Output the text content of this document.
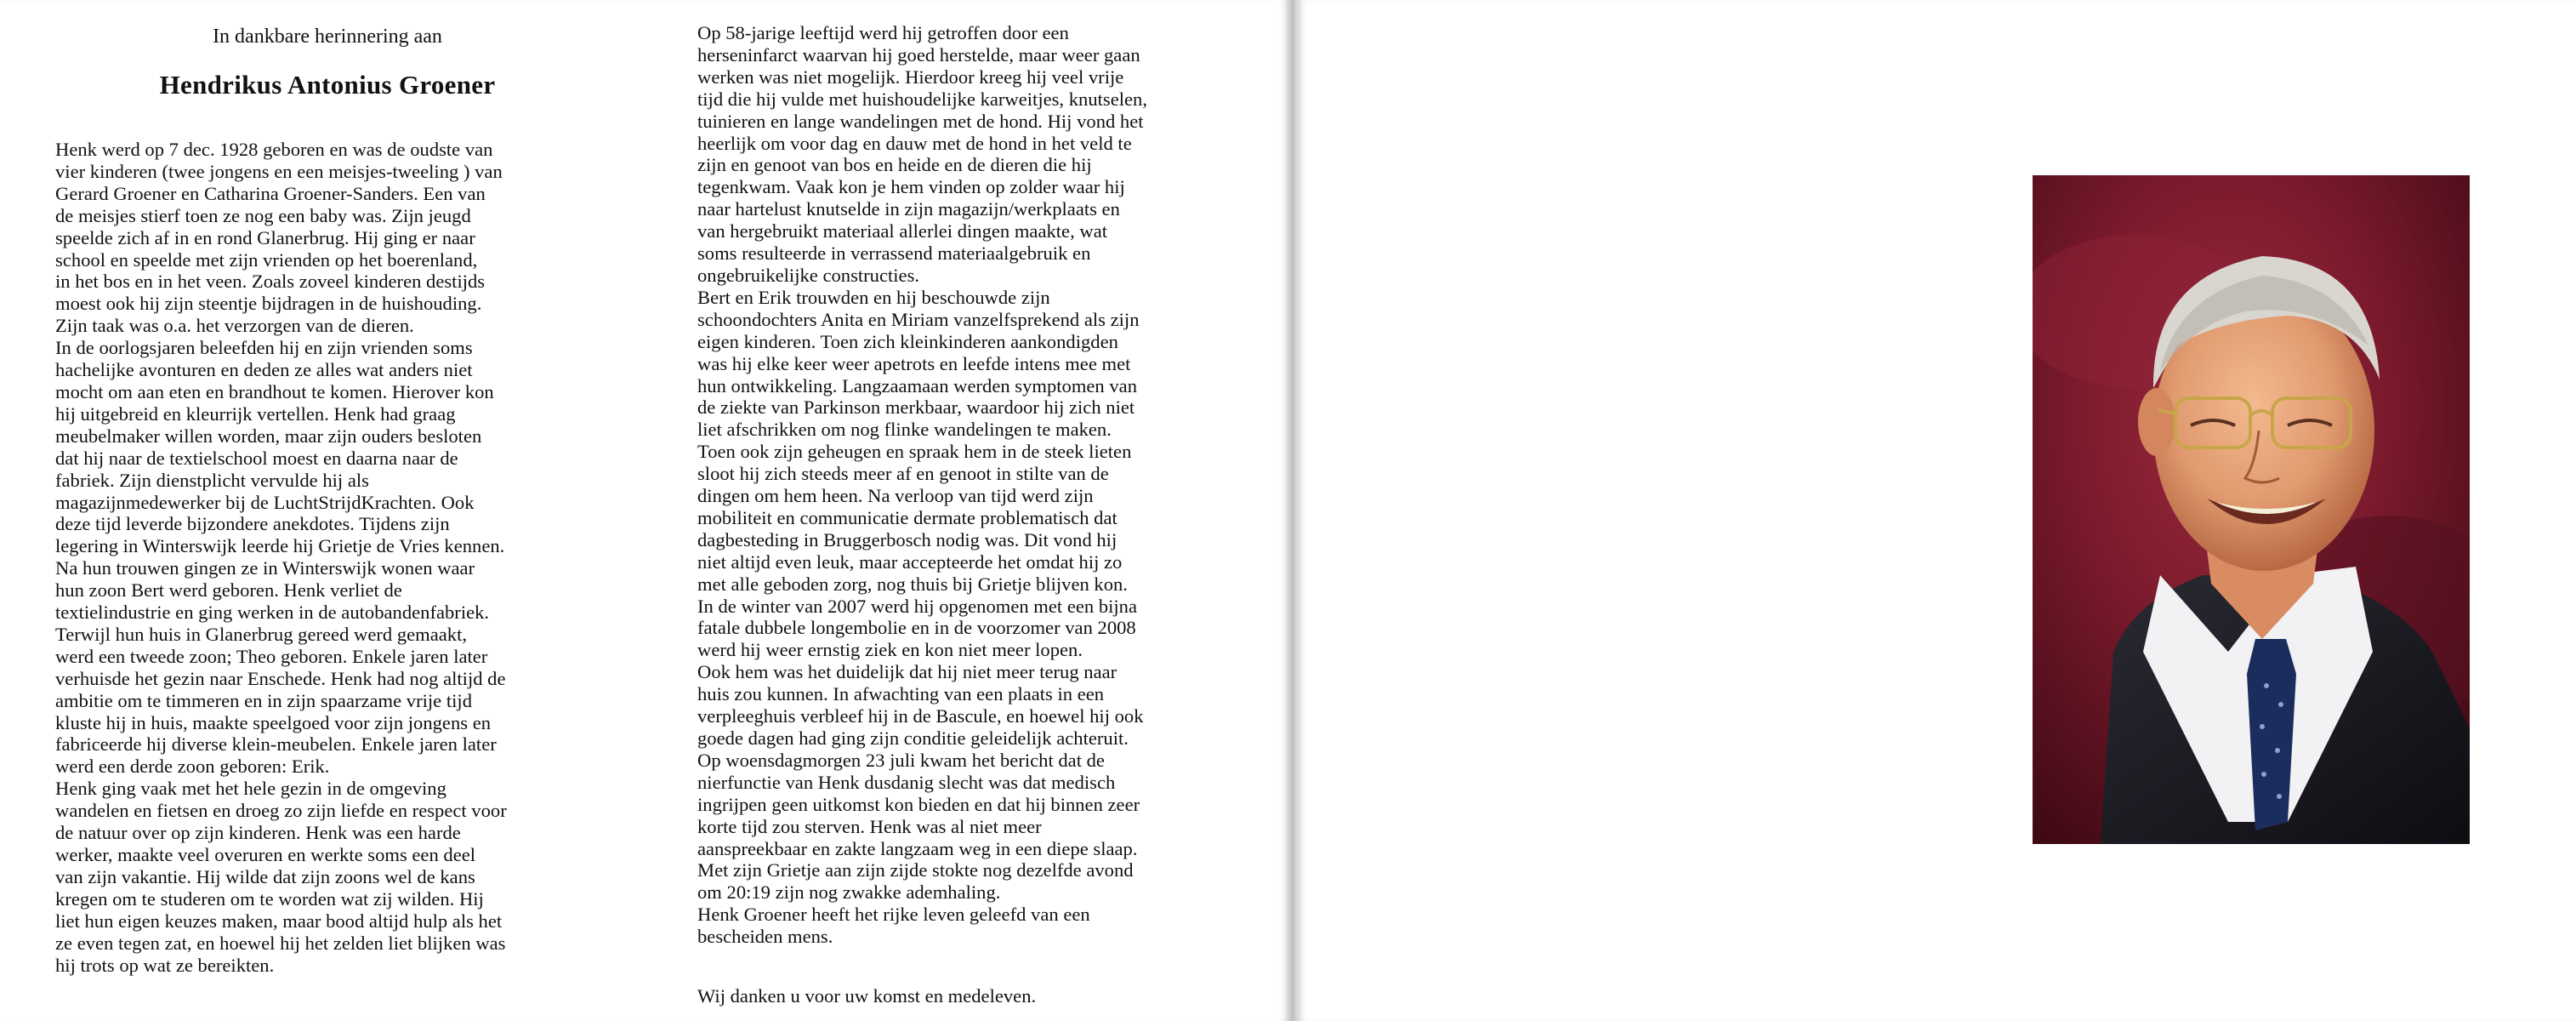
In dankbare herinnering aan
Hendrikus Antonius Groener
Henk werd op 7 dec. 1928 geboren en was de oudste van
vier kinderen (twee jongens en een meisjes-tweeling ) van
Gerard Groener en Catharina Groener-Sanders. Een van
de meisjes stierf toen ze nog een baby was. Zijn jeugd
speelde zich af in en rond Glanerbrug. Hij ging er naar
school en speelde met zijn vrienden op het boerenland,
in het bos en in het veen. Zoals zoveel kinderen destijds
moest ook hij zijn steentje bijdragen in de huishouding.
Zijn taak was o.a. het verzorgen van de dieren.
In de oorlogsjaren beleefden hij en zijn vrienden soms
hachelijke avonturen en deden ze alles wat anders niet
mocht om aan eten en brandhout te komen. Hierover kon
hij uitgebreid en kleurrijk vertellen. Henk had graag
meubelmaker willen worden, maar zijn ouders besloten
dat hij naar de textielschool moest en daarna naar de
fabriek. Zijn dienstplicht vervulde hij als
magazijnmedewerker bij de LuchtStrijdKrachten. Ook
deze tijd leverde bijzondere anekdotes. Tijdens zijn
legering in Winterswijk leerde hij Grietje de Vries kennen.
Na hun trouwen gingen ze in Winterswijk wonen waar
hun zoon Bert werd geboren. Henk verliet de
textielindustrie en ging werken in de autobandenfabriek.
Terwijl hun huis in Glanerbrug gereed werd gemaakt,
werd een tweede zoon; Theo geboren. Enkele jaren later
verhuisde het gezin naar Enschede. Henk had nog altijd de
ambitie om te timmeren en in zijn spaarzame vrije tijd
kluste hij in huis, maakte speelgoed voor zijn jongens en
fabriceerde hij diverse klein-meubelen. Enkele jaren later
werd een derde zoon geboren: Erik.
Henk ging vaak met het hele gezin in de omgeving
wandelen en fietsen en droeg zo zijn liefde en respect voor
de natuur over op zijn kinderen. Henk was een harde
werker, maakte veel overuren en werkte soms een deel
van zijn vakantie. Hij wilde dat zijn zoons wel de kans
kregen om te studeren om te worden wat zij wilden. Hij
liet hun eigen keuzes maken, maar bood altijd hulp als het
ze even tegen zat, en hoewel hij het zelden liet blijken was
hij trots op wat ze bereikten.
Op 58-jarige leeftijd werd hij getroffen door een
herseninfarct waarvan hij goed herstelde, maar weer gaan
werken was niet mogelijk. Hierdoor kreeg hij veel vrije
tijd die hij vulde met huishoudelijke karweitjes, knutselen,
tuinieren en lange wandelingen met de hond. Hij vond het
heerlijk om voor dag en dauw met de hond in het veld te
zijn en genoot van bos en heide en de dieren die hij
tegenkwam. Vaak kon je hem vinden op zolder waar hij
naar hartelust knutselde in zijn magazijn/werkplaats en
van hergebruikt materiaal allerlei dingen maakte, wat
soms resulteerde in verrassend materiaalgebruik en
ongebruikelijke constructies.
Bert en Erik trouwden en hij beschouwde zijn
schoondochters Anita en Miriam vanzelfsprekend als zijn
eigen kinderen. Toen zich kleinkinderen aankondigden
was hij elke keer weer apetrots en leefde intens mee met
hun ontwikkeling. Langzaamaan werden symptomen van
de ziekte van Parkinson merkbaar, waardoor hij zich niet
liet afschrikken om nog flinke wandelingen te maken.
Toen ook zijn geheugen en spraak hem in de steek lieten
sloot hij zich steeds meer af en genoot in stilte van de
dingen om hem heen. Na verloop van tijd werd zijn
mobiliteit en communicatie dermate problematisch dat
dagbesteding in Bruggerbosch nodig was. Dit vond hij
niet altijd even leuk, maar accepteerde het omdat hij zo
met alle geboden zorg, nog thuis bij Grietje blijven kon.
In de winter van 2007 werd hij opgenomen met een bijna
fatale dubbele longembolie en in de voorzomer van 2008
werd hij weer ernstig ziek en kon niet meer lopen.
Ook hem was het duidelijk dat hij niet meer terug naar
huis zou kunnen. In afwachting van een plaats in een
verpleeghuis verbleef hij in de Bascule, en hoewel hij ook
goede dagen had ging zijn conditie geleidelijk achteruit.
Op woensdagmorgen 23 juli kwam het bericht dat de
nierfunctie van Henk dusdanig slecht was dat medisch
ingrijpen geen uitkomst kon bieden en dat hij binnen zeer
korte tijd zou sterven. Henk was al niet meer
aanspreekbaar en zakte langzaam weg in een diepe slaap.
Met zijn Grietje aan zijn zijde stokte nog dezelfde avond
om 20:19 zijn nog zwakke ademhaling.
Henk Groener heeft het rijke leven geleefd van een
bescheiden mens.
Wij danken u voor uw komst en medeleven.
